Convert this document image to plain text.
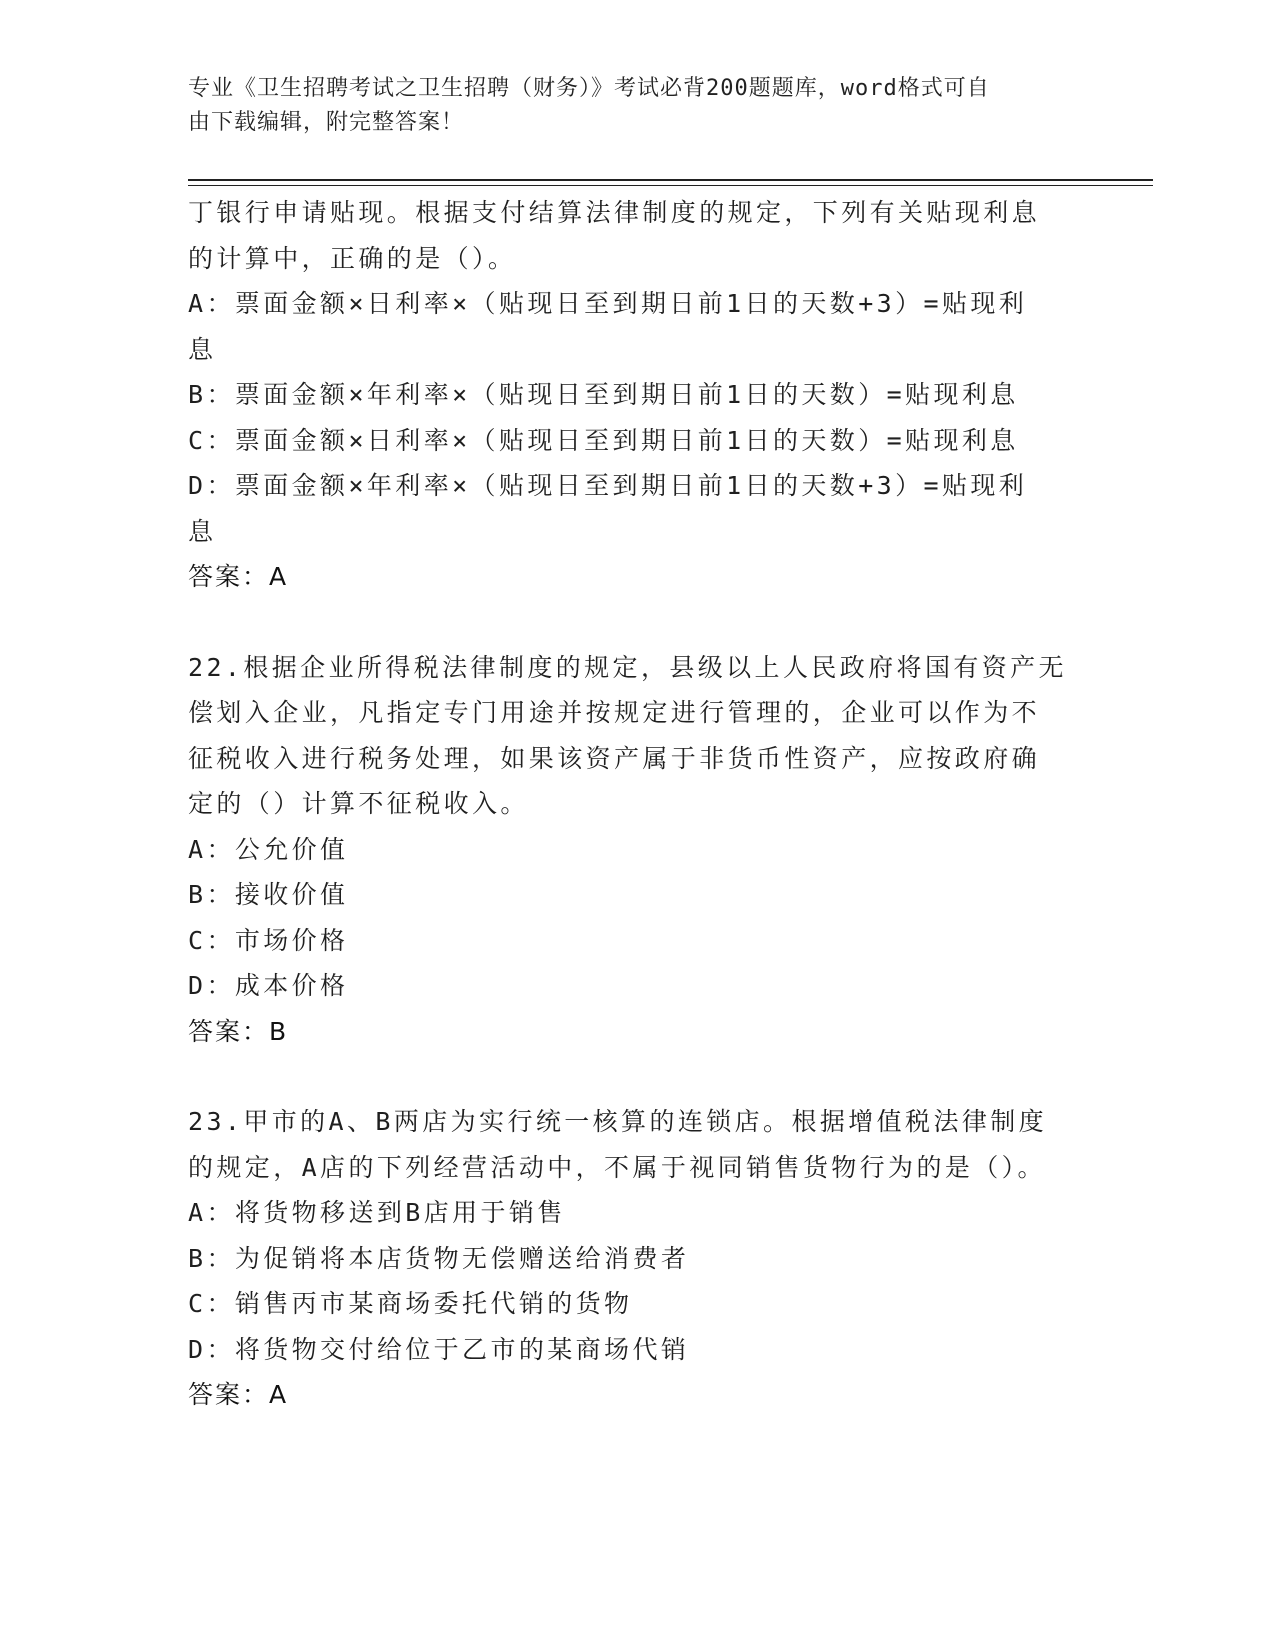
专业《卫生招聘考试之卫生招聘（财务）》考试必背200题题库，word格式可自
由下载编辑，附完整答案！
丁银行申请贴现。根据支付结算法律制度的规定，下列有关贴现利息
的计算中，正确的是（）。
A：票面金额×日利率×（贴现日至到期日前1日的天数+3）=贴现利
息
B：票面金额×年利率×（贴现日至到期日前1日的天数）=贴现利息
C：票面金额×日利率×（贴现日至到期日前1日的天数）=贴现利息
D：票面金额×年利率×（贴现日至到期日前1日的天数+3）=贴现利
息
答案：A
22.根据企业所得税法律制度的规定，县级以上人民政府将国有资产无
偿划入企业，凡指定专门用途并按规定进行管理的，企业可以作为不
征税收入进行税务处理，如果该资产属于非货币性资产，应按政府确
定的（）计算不征税收入。
A：公允价值
B：接收价值
C：市场价格
D：成本价格
答案：B
23.甲市的A、B两店为实行统一核算的连锁店。根据增值税法律制度
的规定，A店的下列经营活动中，不属于视同销售货物行为的是（）。
A：将货物移送到B店用于销售
B：为促销将本店货物无偿赠送给消费者
C：销售丙市某商场委托代销的货物
D：将货物交付给位于乙市的某商场代销
答案：A
